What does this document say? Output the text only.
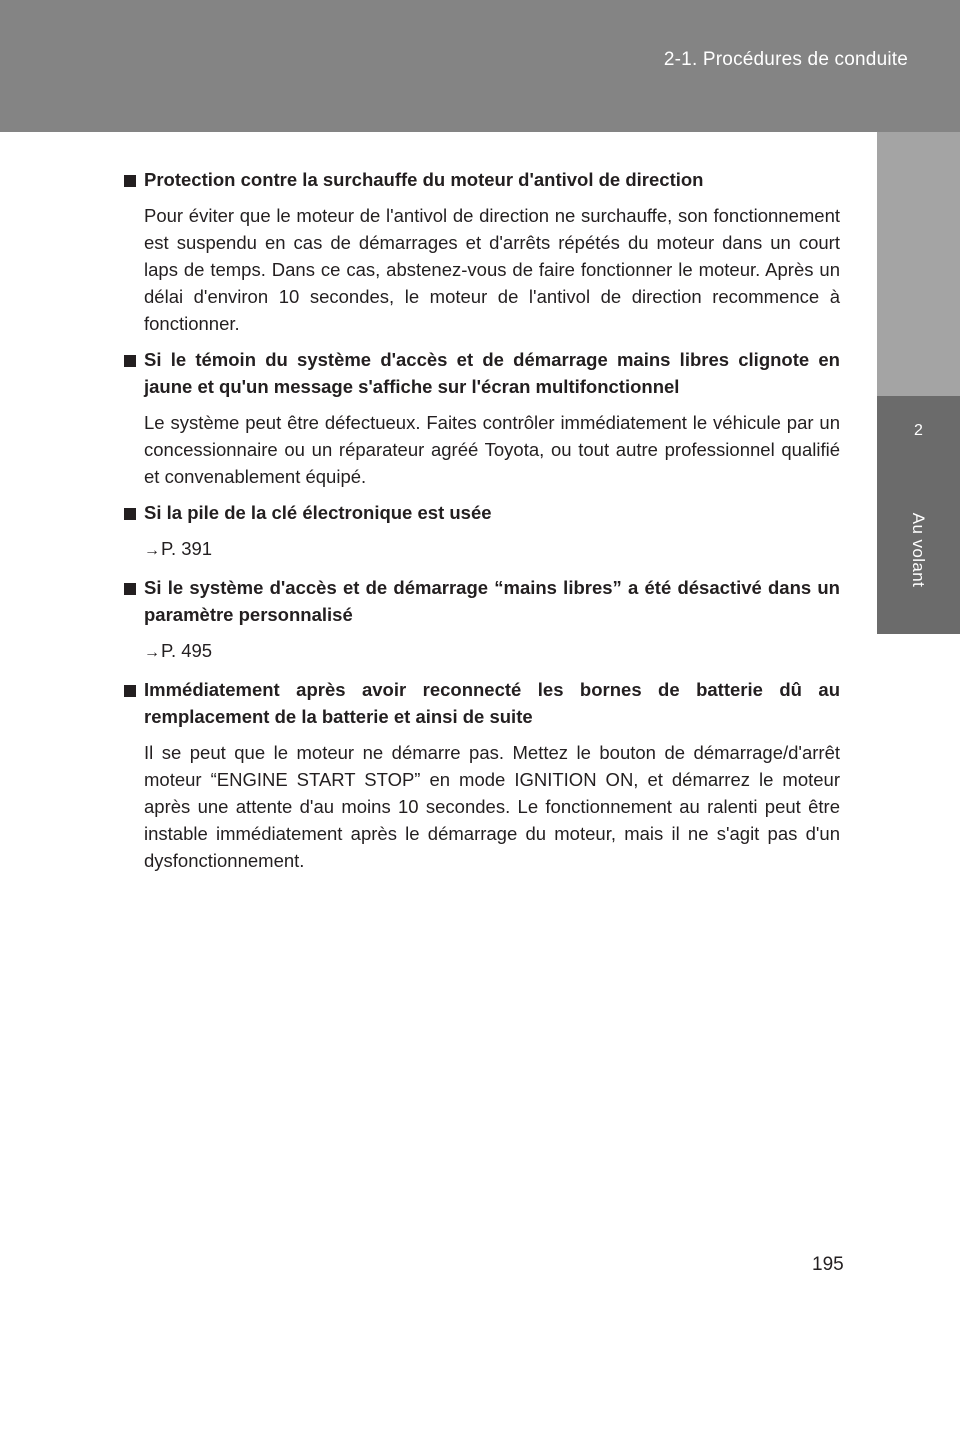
2-1. Procédures de conduite
2
Au volant
Protection contre la surchauffe du moteur d'antivol de direction

Pour éviter que le moteur de l'antivol de direction ne surchauffe, son fonctionnement est suspendu en cas de démarrages et d'arrêts répétés du moteur dans un court laps de temps. Dans ce cas, abstenez-vous de faire fonctionner le moteur. Après un délai d'environ 10 secondes, le moteur de l'antivol de direction recommence à fonctionner.

Si le témoin du système d'accès et de démarrage mains libres clignote en jaune et qu'un message s'affiche sur l'écran multifonctionnel

Le système peut être défectueux. Faites contrôler immédiatement le véhicule par un concessionnaire ou un réparateur agréé Toyota, ou tout autre professionnel qualifié et convenablement équipé.

Si la pile de la clé électronique est usée

→P. 391

Si le système d'accès et de démarrage “mains libres” a été désactivé dans un paramètre personnalisé

→P. 495

Immédiatement après avoir reconnecté les bornes de batterie dû au remplacement de la batterie et ainsi de suite

Il se peut que le moteur ne démarre pas. Mettez le bouton de démarrage/d'arrêt moteur “ENGINE START STOP” en mode IGNITION ON, et démarrez le moteur après une attente d'au moins 10 secondes. Le fonctionnement au ralenti peut être instable immédiatement après le démarrage du moteur, mais il ne s'agit pas d'un dysfonctionnement.

195
